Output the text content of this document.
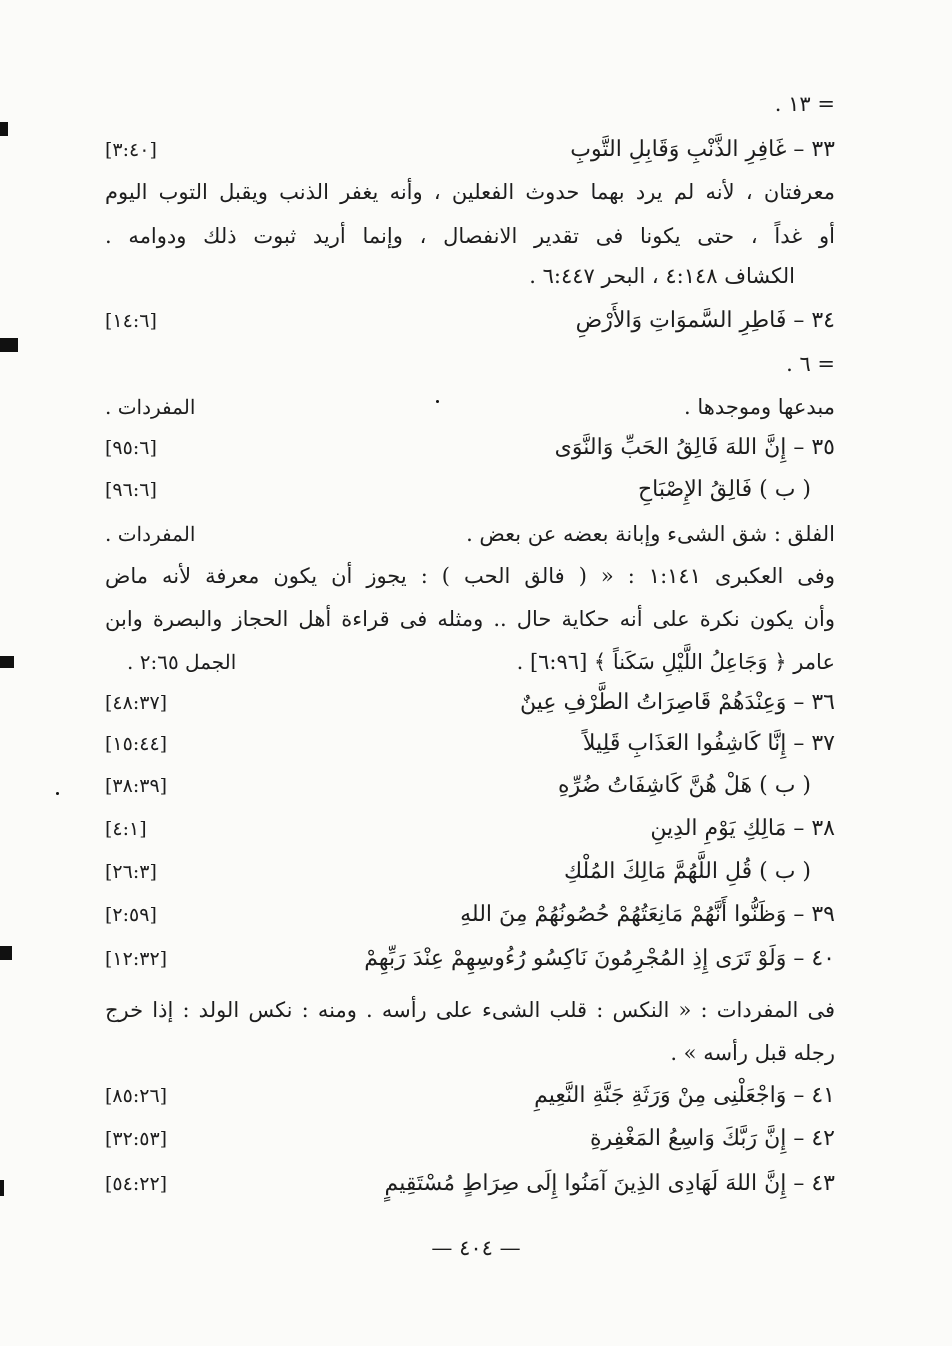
= ١٣ .
٣٣ – غَافِرِ الذَّنْبِ وَقَابِلِ التَّوبِ
[٣:٤٠]
معرفتان ، لأنه لم يرد بهما حدوث الفعلين ، وأنه يغفر الذنب ويقبل التوب اليوم
أو غداً ، حتى يكونا فى تقدير الانفصال ، وإنما أريد ثبوت ذلك ودوامه .
الكشاف ٤:١٤٨ ، البحر ٦:٤٤٧ .
٣٤ – فَاطِرِ السَّموَاتِ وَالأَرْضِ
[١٤:٦]
= ٦ .
مبدعها وموجدها .
المفردات .
٣٥ – إِنَّ اللهَ فَالِقُ الحَبِّ وَالنَّوَى
[٩٥:٦]
( ب ) فَالِقُ الإِصْبَاحِ
[٩٦:٦]
الفلق : شق الشىء وإبانة بعضه عن بعض .
المفردات .
وفى العكبرى ١:١٤١ : « ( فالق الحب ) : يجوز أن يكون معرفة لأنه ماض
وأن يكون نكرة على أنه حكاية حال .. ومثله فى قراءة أهل الحجاز والبصرة وابن
عامر ﴿ وَجَاعِلُ اللَّيْلِ سَكَناً ﴾ [٦:٩٦] .
الجمل ٢:٦٥ .
٣٦ – وَعِنْدَهُمْ قَاصِرَاتُ الطَّرْفِ عِينٌ
[٤٨:٣٧]
٣٧ – إِنَّا كَاشِفُوا العَذَابِ قَلِيلاً
[١٥:٤٤]
( ب ) هَلْ هُنَّ كَاشِفَاتُ ضُرِّهِ
[٣٨:٣٩]
٣٨ – مَالِكِ يَوْمِ الدِينِ
[٤:١]
( ب ) قُلِ اللَّهُمَّ مَالِكَ المُلْكِ
[٢٦:٣]
٣٩ – وَظَنُّوا أَنَّهُمْ مَانِعَتُهُمْ حُصُونُهُمْ مِنَ اللهِ
[٢:٥٩]
٤٠ – وَلَوْ تَرَى إِذِ المُجْرِمُونَ نَاكِسُو رُءُوسِهِمْ عِنْدَ رَبِّهِمْ
[١٢:٣٢]
فى المفردات : « النكس : قلب الشىء على رأسه . ومنه : نكس الولد : إذا خرج
رجله قبل رأسه » .
٤١ – وَاجْعَلْنِى مِنْ وَرَثَةِ جَنَّةِ النَّعِيمِ
[٨٥:٢٦]
٤٢ – إِنَّ رَبَّكَ وَاسِعُ المَغْفِرةِ
[٣٢:٥٣]
٤٣ – إِنَّ اللهَ لَهَادِى الذِينَ آمَنُوا إِلَى صِرَاطٍ مُسْتَقِيمٍ
[٥٤:٢٢]
— ٤٠٤ —
